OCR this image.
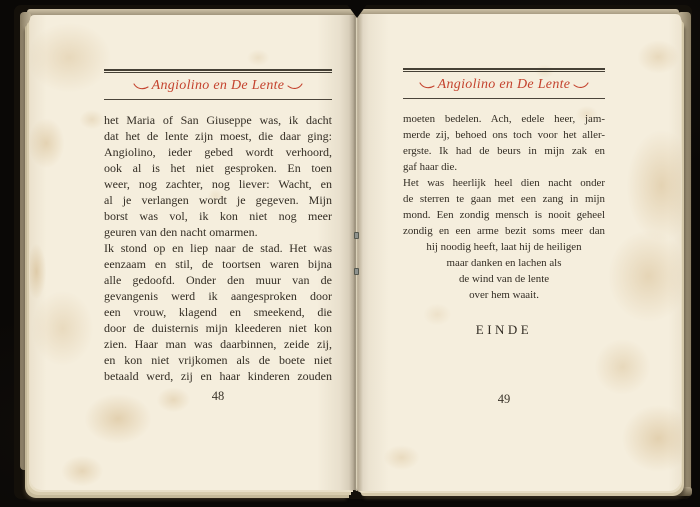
Angiolino en De Lente
het Maria of San Giuseppe was, ik dacht
dat het de lente zijn moest, die daar ging:
Angiolino, ieder gebed wordt verhoord,
ook al is het niet gesproken. En toen
weer, nog zachter, nog liever: Wacht, en
al je verlangen wordt je gegeven. Mijn
borst was vol, ik kon niet nog meer
geuren van den nacht omarmen.
Ik stond op en liep naar de stad. Het was
eenzaam en stil, de toortsen waren bijna
alle gedoofd. Onder den muur van de
gevangenis werd ik aangesproken door
een vrouw, klagend en smeekend, die
door de duisternis mijn kleederen niet kon
zien. Haar man was daarbinnen, zeide zij,
en kon niet vrijkomen als de boete niet
betaald werd, zij en haar kinderen zouden
48
Angiolino en De Lente
moeten bedelen. Ach, edele heer, jam-
merde zij, behoed ons toch voor het aller-
ergste. Ik had de beurs in mijn zak en
gaf haar die.
Het was heerlijk heel dien nacht onder
de sterren te gaan met een zang in mijn
mond. Een zondig mensch is nooit geheel
zondig en een arme bezit soms meer dan
hij noodig heeft, laat hij de heiligen
maar danken en lachen als
de wind van de lente
over hem waait.
EINDE
49
